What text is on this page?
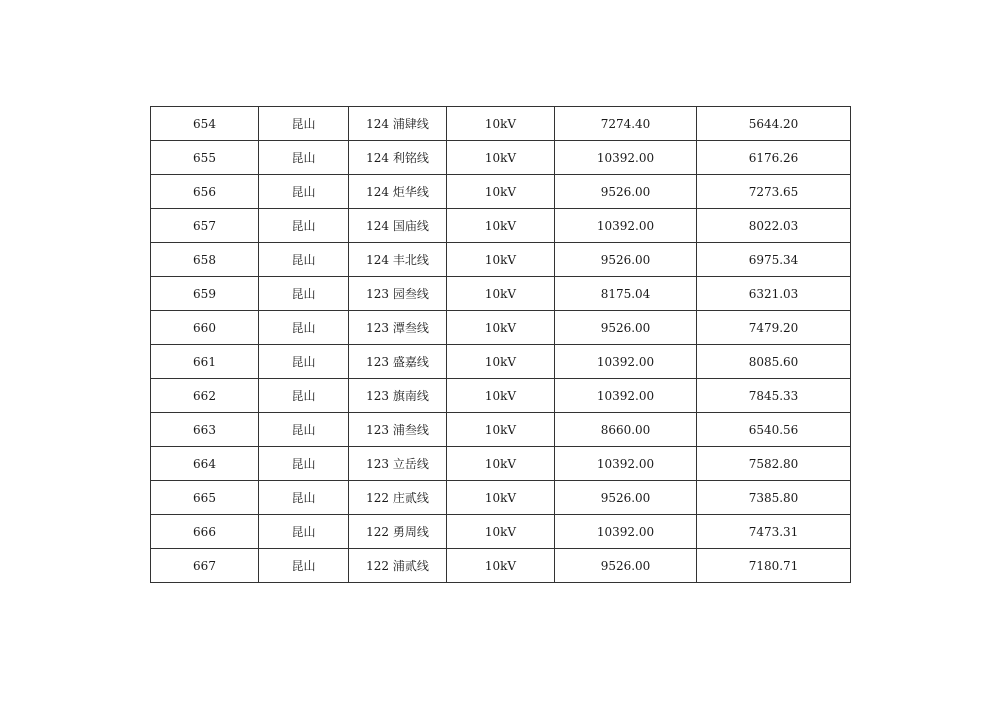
654	昆山	124 浦肆线	10kV	7274.40	5644.20
655	昆山	124 利铭线	10kV	10392.00	6176.26
656	昆山	124 炬华线	10kV	9526.00	7273.65
657	昆山	124 国庙线	10kV	10392.00	8022.03
658	昆山	124 丰北线	10kV	9526.00	6975.34
659	昆山	123 园叁线	10kV	8175.04	6321.03
660	昆山	123 潭叁线	10kV	9526.00	7479.20
661	昆山	123 盛嘉线	10kV	10392.00	8085.60
662	昆山	123 旗南线	10kV	10392.00	7845.33
663	昆山	123 浦叁线	10kV	8660.00	6540.56
664	昆山	123 立岳线	10kV	10392.00	7582.80
665	昆山	122 庄贰线	10kV	9526.00	7385.80
666	昆山	122 勇周线	10kV	10392.00	7473.31
667	昆山	122 浦贰线	10kV	9526.00	7180.71
